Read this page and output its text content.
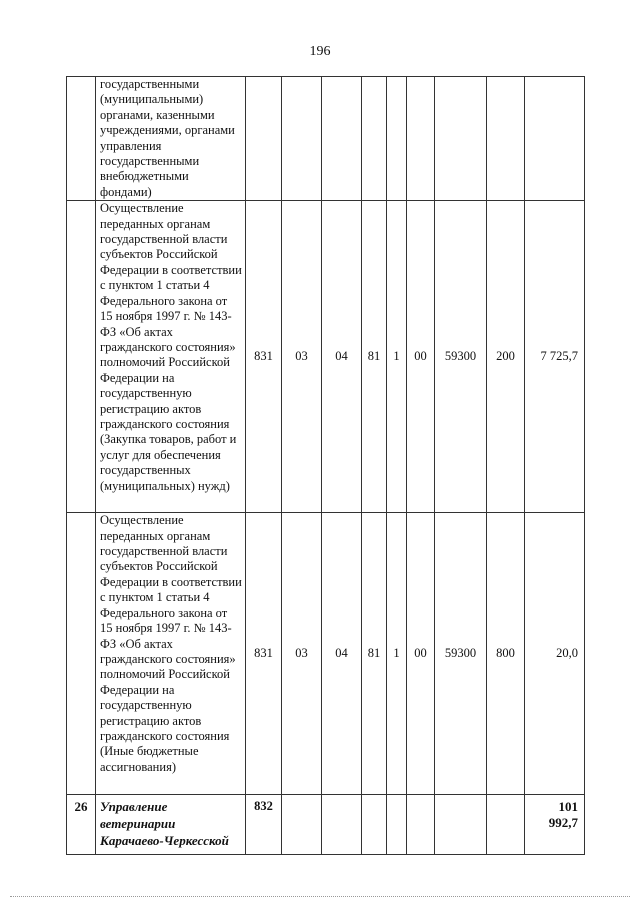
196
	государственными (муниципальными) органами, казенными учреждениями, органами управления государственными внебюджетными фондами)									
	Осуществление переданных органам государственной власти субъектов Российской Федерации в соответствии с пунктом 1 статьи 4 Федерального закона от 15 ноября 1997 г. № 143-ФЗ «Об актах гражданского состояния» полномочий Российской Федерации на государственную регистрацию актов гражданского состояния (Закупка товаров, работ и услуг для обеспечения государственных (муниципальных) нужд)	831	03	04	81	1	00	59300	200	7 725,7
	Осуществление переданных органам государственной власти субъектов Российской Федерации в соответствии с пунктом 1 статьи 4 Федерального закона от 15 ноября 1997 г. № 143-ФЗ «Об актах гражданского состояния» полномочий Российской Федерации на государственную регистрацию актов гражданского состояния (Иные бюджетные ассигнования)	831	03	04	81	1	00	59300	800	20,0
26	Управление ветеринарии Карачаево-Черкесской	832								101 992,7
